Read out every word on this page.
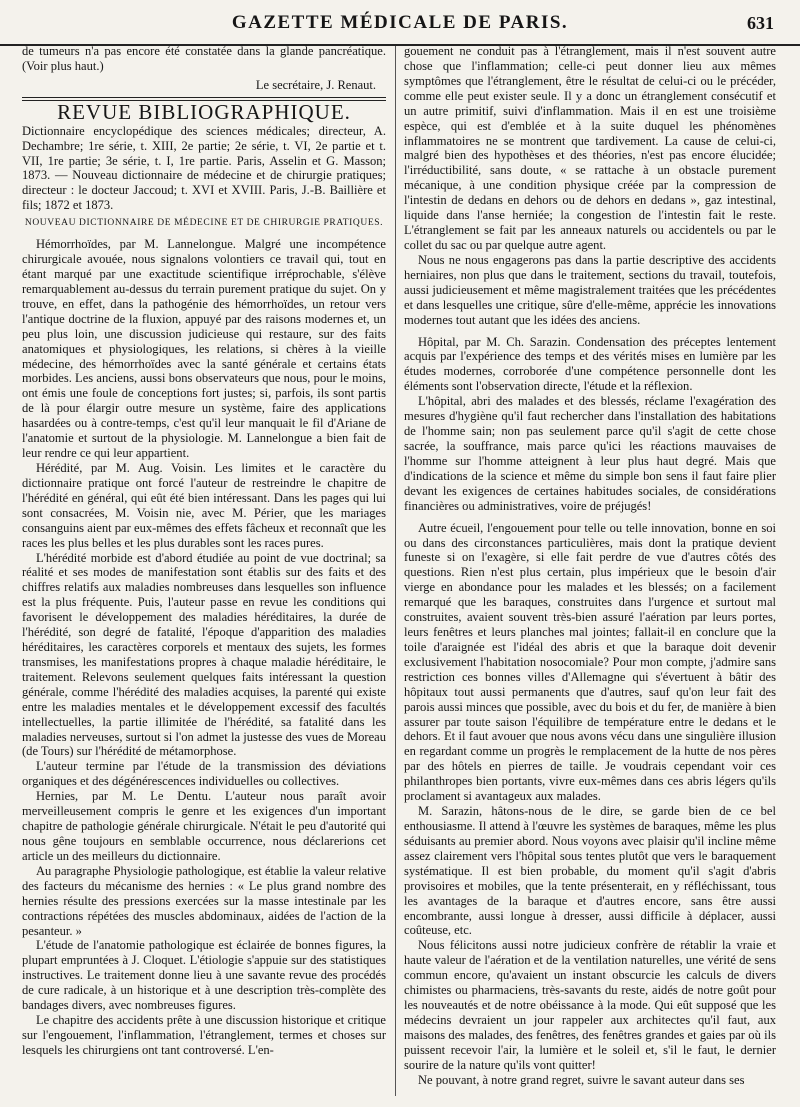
GAZETTE MÉDICALE DE PARIS.	631

de tumeurs n'a pas encore été constatée dans la glande pancréatique. (Voir plus haut.)

Le secrétaire, J. Renaut.

REVUE BIBLIOGRAPHIQUE.

Dictionnaire encyclopédique des sciences médicales; directeur, A. Dechambre; 1re série, t. XIII, 2e partie; 2e série, t. VI, 2e partie et t. VII, 1re partie; 3e série, t. I, 1re partie. Paris, Asselin et G. Masson; 1873. — Nouveau dictionnaire de médecine et de chirurgie pratiques; directeur : le docteur Jaccoud; t. XVI et XVIII. Paris, J.-B. Baillière et fils; 1872 et 1873.

NOUVEAU DICTIONNAIRE DE MÉDECINE ET DE CHIRURGIE PRATIQUES.

Hémorrhoïdes, par M. Lannelongue. Malgré une incompétence chirurgicale avouée, nous signalons volontiers ce travail qui, tout en étant marqué par une exactitude scientifique irréprochable, s'élève remarquablement au-dessus du terrain purement pratique du sujet. On y trouve, en effet, dans la pathogénie des hémorrhoïdes, un retour vers l'antique doctrine de la fluxion, appuyé par des raisons modernes et, un peu plus loin, une discussion judicieuse qui restaure, sur des faits anatomiques et physiologiques, les relations, si chères à la vieille médecine, des hémorrhoïdes avec la santé générale et certains états morbides. Les anciens, aussi bons observateurs que nous, pour le moins, ont émis une foule de conceptions fort justes; si, parfois, ils sont partis de là pour élargir outre mesure un système, faire des applications hasardées ou à contre-temps, c'est qu'il leur manquait le fil d'Ariane de l'anatomie et surtout de la physiologie. M. Lannelongue a bien fait de leur rendre ce qui leur appartient.

Hérédité, par M. Aug. Voisin. Les limites et le caractère du dictionnaire pratique ont forcé l'auteur de restreindre le chapitre de l'hérédité en général, qui eût été bien intéressant. Dans les pages qui lui sont consacrées, M. Voisin nie, avec M. Périer, que les mariages consanguins aient par eux-mêmes des effets fâcheux et reconnaît que les races les plus belles et les plus durables sont les races pures.

L'hérédité morbide est d'abord étudiée au point de vue doctrinal; sa réalité et ses modes de manifestation sont établis sur des faits et des chiffres relatifs aux maladies nombreuses dans lesquelles son influence est la plus fréquente. Puis, l'auteur passe en revue les conditions qui favorisent le développement des maladies héréditaires, la durée de l'hérédité, son degré de fatalité, l'époque d'apparition des maladies héréditaires, les caractères corporels et mentaux des sujets, les formes transmises, les manifestations propres à chaque maladie héréditaire, le traitement. Relevons seulement quelques faits intéressant la question générale, comme l'hérédité des maladies acquises, la parenté qui existe entre les maladies mentales et le développement excessif des facultés intellectuelles, la partie illimitée de l'hérédité, sa fatalité dans les maladies nerveuses, surtout si l'on admet la justesse des vues de Moreau (de Tours) sur l'hérédité de métamorphose.

L'auteur termine par l'étude de la transmission des déviations organiques et des dégénérescences individuelles ou collectives.

Hernies, par M. Le Dentu. L'auteur nous paraît avoir merveilleusement compris le genre et les exigences d'un important chapitre de pathologie générale chirurgicale. N'était le peu d'autorité qui nous gêne toujours en semblable occurrence, nous déclarerions cet article un des meilleurs du dictionnaire.

Au paragraphe Physiologie pathologique, est établie la valeur relative des facteurs du mécanisme des hernies : « Le plus grand nombre des hernies résulte des pressions exercées sur la masse intestinale par les contractions répétées des muscles abdominaux, aidées de l'action de la pesanteur. »

L'étude de l'anatomie pathologique est éclairée de bonnes figures, la plupart empruntées à J. Cloquet. L'étiologie s'appuie sur des statistiques instructives. Le traitement donne lieu à une savante revue des procédés de cure radicale, à un historique et à une description très-complète des bandages divers, avec nombreuses figures.

Le chapitre des accidents prête à une discussion historique et critique sur l'engouement, l'inflammation, l'étranglement, termes et choses sur lesquels les chirurgiens ont tant controversé. L'en-

gouement ne conduit pas à l'étranglement, mais il n'est souvent autre chose que l'inflammation; celle-ci peut donner lieu aux mêmes symptômes que l'étranglement, être le résultat de celui-ci ou le précéder, comme elle peut exister seule. Il y a donc un étranglement consécutif et un autre primitif, suivi d'inflammation. Mais il en est une troisième espèce, qui est d'emblée et à la suite duquel les phénomènes inflammatoires ne se montrent que tardivement. La cause de celui-ci, malgré bien des hypothèses et des théories, n'est pas encore élucidée; l'irréductibilité, sans doute, « se rattache à un obstacle purement mécanique, à une condition physique créée par la compression de l'intestin de dedans en dehors ou de dehors en dedans », gaz intestinal, liquide dans l'anse herniée; la congestion de l'intestin fait le reste. L'étranglement se fait par les anneaux naturels ou accidentels ou par le collet du sac ou par quelque autre agent.

Nous ne nous engagerons pas dans la partie descriptive des accidents herniaires, non plus que dans le traitement, sections du travail, toutefois, aussi judicieusement et même magistralement traitées que les précédentes et dans lesquelles une critique, sûre d'elle-même, apprécie les innovations modernes tout autant que les idées des anciens.

Hôpital, par M. Ch. Sarazin. Condensation des préceptes lentement acquis par l'expérience des temps et des vérités mises en lumière par les études modernes, corroborée d'une compétence personnelle dont les éléments sont l'observation directe, l'étude et la réflexion.

L'hôpital, abri des malades et des blessés, réclame l'exagération des mesures d'hygiène qu'il faut rechercher dans l'installation des habitations de l'homme sain; non pas seulement parce qu'il s'agit de cette chose sacrée, la souffrance, mais parce qu'ici les réactions mauvaises de l'homme sur l'homme atteignent à leur plus haut degré. Mais que d'indications de la science et même du simple bon sens il faut faire plier devant les exigences de certaines habitudes sociales, de considérations financières ou administratives, voire de préjugés!

Autre écueil, l'engouement pour telle ou telle innovation, bonne en soi ou dans des circonstances particulières, mais dont la pratique devient funeste si on l'exagère, si elle fait perdre de vue d'autres côtés des questions. Rien n'est plus certain, plus impérieux que le besoin d'air vierge en abondance pour les malades et les blessés; on a facilement remarqué que les baraques, construites dans l'urgence et surtout mal construites, avaient souvent très-bien assuré l'aération par leurs portes, leurs fenêtres et leurs planches mal jointes; fallait-il en conclure que la toile d'araignée est l'idéal des abris et que la baraque doit devenir exclusivement l'habitation nosocomiale? Pour mon compte, j'admire sans restriction ces bonnes villes d'Allemagne qui s'évertuent à bâtir des hôpitaux tout aussi permanents que d'autres, sauf qu'on leur fait des parois aussi minces que possible, avec du bois et du fer, de manière à bien assurer par toute saison l'équilibre de température entre le dedans et le dehors. Et il faut avouer que nous avons vécu dans une singulière illusion en regardant comme un progrès le remplacement de la hutte de nos pères par des hôtels en pierres de taille. Je voudrais cependant voir ces philanthropes bien portants, vivre eux-mêmes dans ces abris légers qu'ils proclament si avantageux aux malades.

M. Sarazin, hâtons-nous de le dire, se garde bien de ce bel enthousiasme. Il attend à l'œuvre les systèmes de baraques, même les plus séduisants au premier abord. Nous voyons avec plaisir qu'il incline même assez clairement vers l'hôpital sous tentes plutôt que vers le baraquement systématique. Il est bien probable, du moment qu'il s'agit d'abris provisoires et mobiles, que la tente présenterait, en y réfléchissant, tous les avantages de la baraque et d'autres encore, sans être aussi encombrante, aussi longue à dresser, aussi difficile à déplacer, aussi coûteuse, etc.

Nous félicitons aussi notre judicieux confrère de rétablir la vraie et haute valeur de l'aération et de la ventilation naturelles, une vérité de sens commun encore, qu'avaient un instant obscurcie les calculs de divers chimistes ou pharmaciens, très-savants du reste, aidés de notre goût pour les nouveautés et de notre obéissance à la mode. Qui eût supposé que les médecins devraient un jour rappeler aux architectes qu'il faut, aux maisons des malades, des fenêtres, des fenêtres grandes et gaies par où ils puissent recevoir l'air, la lumière et le soleil et, s'il le faut, le dernier sourire de la nature qu'ils vont quitter!

Ne pouvant, à notre grand regret, suivre le savant auteur dans ses
